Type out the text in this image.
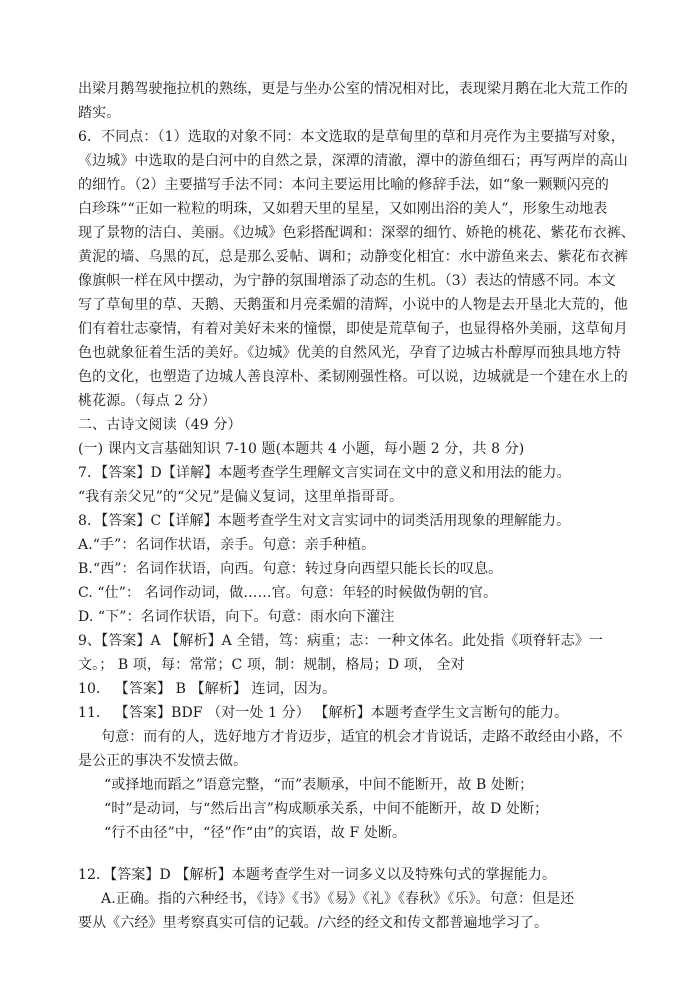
出梁月鹅驾驶拖拉机的熟练，更是与坐办公室的情况相对比，表现梁月鹅在北大荒工作的
踏实。
6．不同点：（1）选取的对象不同：本文选取的是草甸里的草和月亮作为主要描写对象，
《边城》中选取的是白河中的自然之景，深潭的清澈，潭中的游鱼细石；再写两岸的高山
的细竹。（2）主要描写手法不同：本问主要运用比喻的修辞手法，如“象一颗颗闪亮的
白珍珠”“正如一粒粒的明珠，又如碧天里的星星，又如刚出浴的美人”，形象生动地表
现了景物的洁白、美丽。《边城》色彩搭配调和：深翠的细竹、娇艳的桃花、紫花布衣裤、
黄泥的墙、乌黑的瓦，总是那么妥帖、调和；动静变化相宜：水中游鱼来去、紫花布衣裤
像旗帜一样在风中摆动，为宁静的氛围增添了动态的生机。（3）表达的情感不同。本文
写了草甸里的草、天鹅、天鹅蛋和月亮柔媚的清辉，小说中的人物是去开垦北大荒的，他
们有着壮志豪情，有着对美好未来的憧憬，即使是荒草甸子，也显得格外美丽，这草甸月
色也就象征着生活的美好。《边城》优美的自然风光，孕育了边城古朴醇厚而独具地方特
色的文化，也塑造了边城人善良淳朴、柔韧刚强性格。可以说，边城就是一个建在水上的
桃花源。（每点 2 分）
二、古诗文阅读（49 分）
(一) 课内文言基础知识 7-10 题(本题共 4 小题，每小题 2 分，共 8 分)
7．【答案】D【详解】本题考查学生理解文言实词在文中的意义和用法的能力。
“我有亲父兄”的“父兄”是偏义复词，这里单指哥哥。
8．【答案】C【详解】本题考查学生对文言实词中的词类活用现象的理解能力。
A.“手”：名词作状语，亲手。句意：亲手种植。
B.“西”：名词作状语，向西。句意：转过身向西望只能长长的叹息。
C. “仕”： 名词作动词，做……官。句意：年轻的时候做伪朝的官。
D. “下”：名词作状语，向下。句意：雨水向下灌注
9、【答案】A 【解析】A 全错，笃：病重；志：一种文体名。此处指《项脊轩志》一
文。； B 项，每：常常；C 项，制：规制，格局；D 项， 全对
10． 【答案】 B 【解析】 连词，因为。
11． 【答案】BDF （对一处 1 分） 【解析】本题考查学生文言断句的能力。
句意：而有的人，选好地方才肯迈步，适宜的机会才肯说话，走路不敢经由小路，不
是公正的事决不发愤去做。
“或择地而蹈之”语意完整，“而”表顺承，中间不能断开，故 B 处断；
“时”是动词，与“然后出言”构成顺承关系，中间不能断开，故 D 处断；
“行不由径”中，“径”作“由”的宾语，故 F 处断。
12．【答案】D 【解析】本题考查学生对一词多义以及特殊句式的掌握能力。
A.正确。指的六种经书，《诗》《书》《易》《礼》《春秋》《乐》。句意：但是还
要从《六经》里考察真实可信的记载。/六经的经文和传文都普遍地学习了。
